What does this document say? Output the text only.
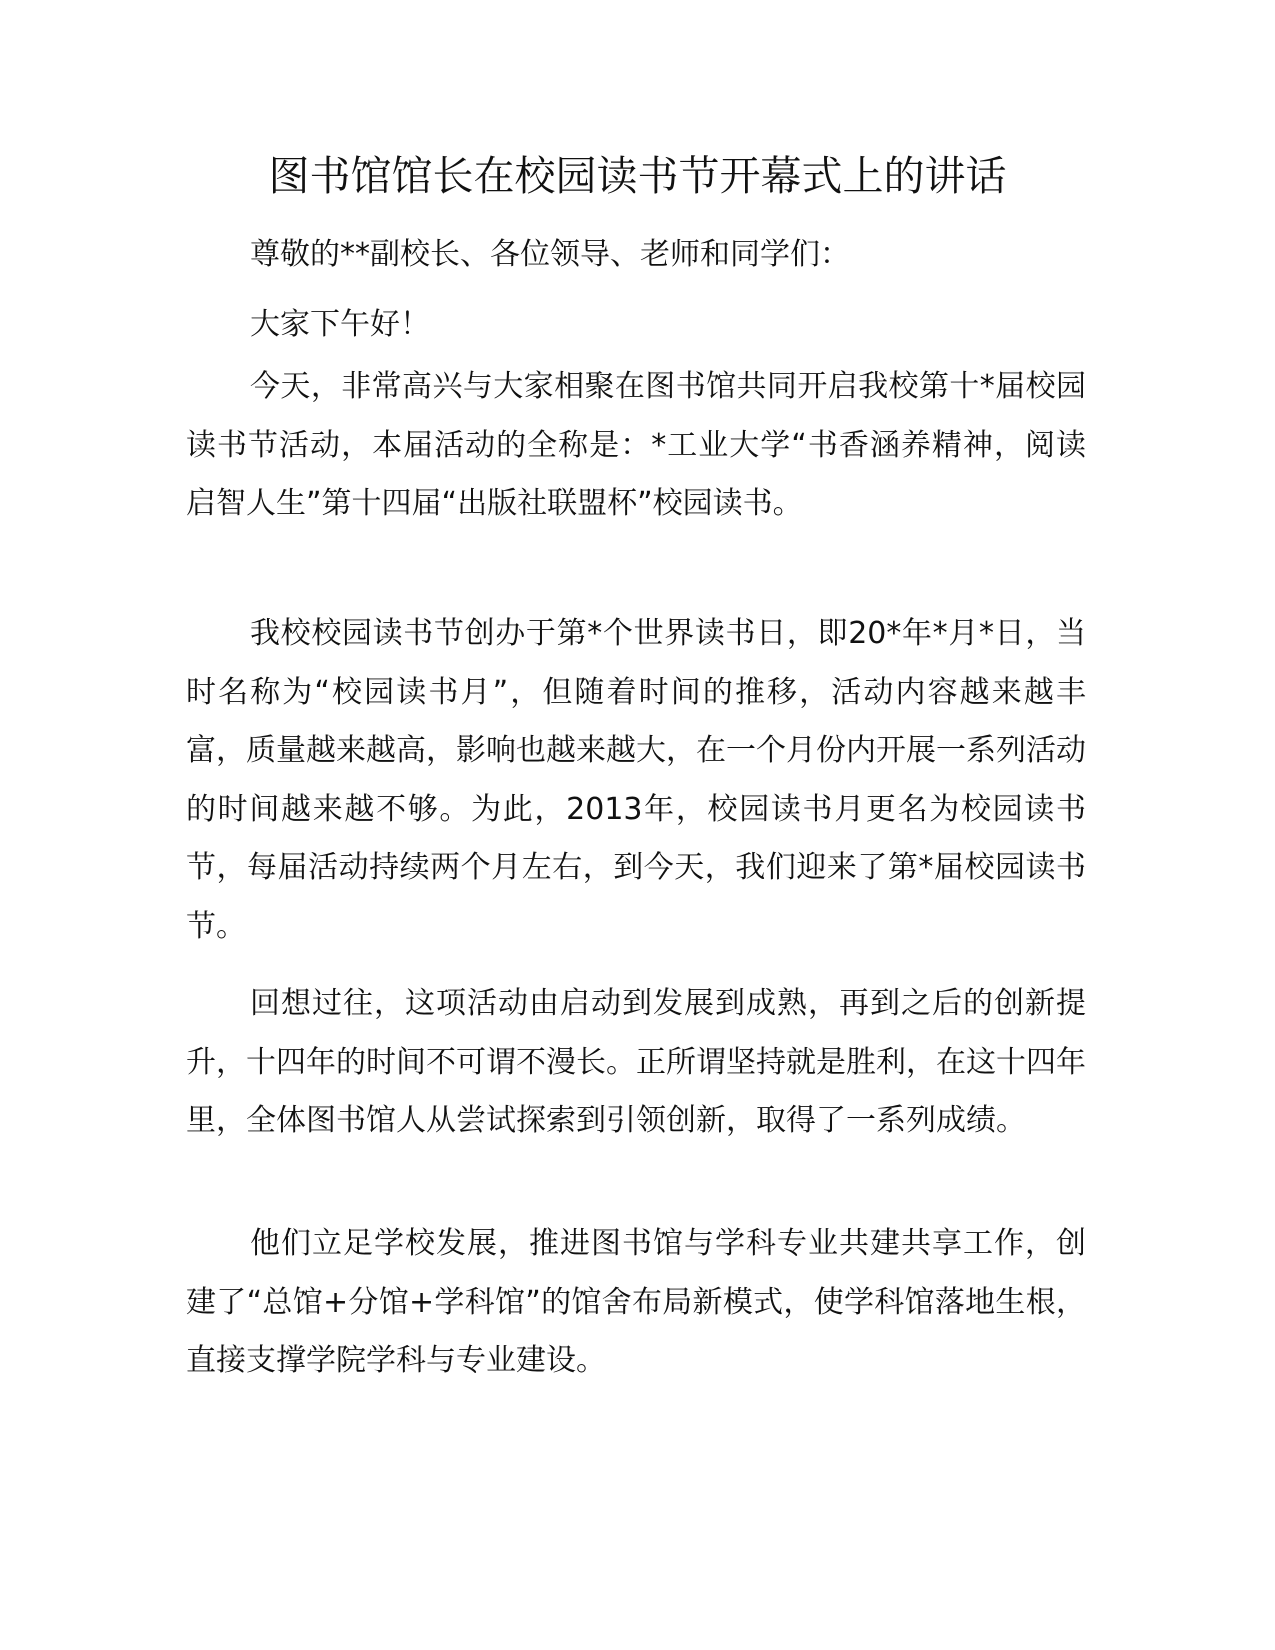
图书馆馆长在校园读书节开幕式上的讲话

尊敬的**副校长、各位领导、老师和同学们：

大家下午好！

今天，非常高兴与大家相聚在图书馆共同开启我校第十*届校园读书节活动，本届活动的全称是：*工业大学“书香涵养精神，阅读启智人生”第十四届“出版社联盟杯”校园读书。

我校校园读书节创办于第*个世界读书日，即20*年*月*日，当时名称为“校园读书月”，但随着时间的推移，活动内容越来越丰富，质量越来越高，影响也越来越大，在一个月份内开展一系列活动的时间越来越不够。为此，2013年，校园读书月更名为校园读书节，每届活动持续两个月左右，到今天，我们迎来了第*届校园读书节。

回想过往，这项活动由启动到发展到成熟，再到之后的创新提升，十四年的时间不可谓不漫长。正所谓坚持就是胜利，在这十四年里，全体图书馆人从尝试探索到引领创新，取得了一系列成绩。

他们立足学校发展，推进图书馆与学科专业共建共享工作，创建了“总馆+分馆+学科馆”的馆舍布局新模式，使学科馆落地生根，直接支撑学院学科与专业建设。
